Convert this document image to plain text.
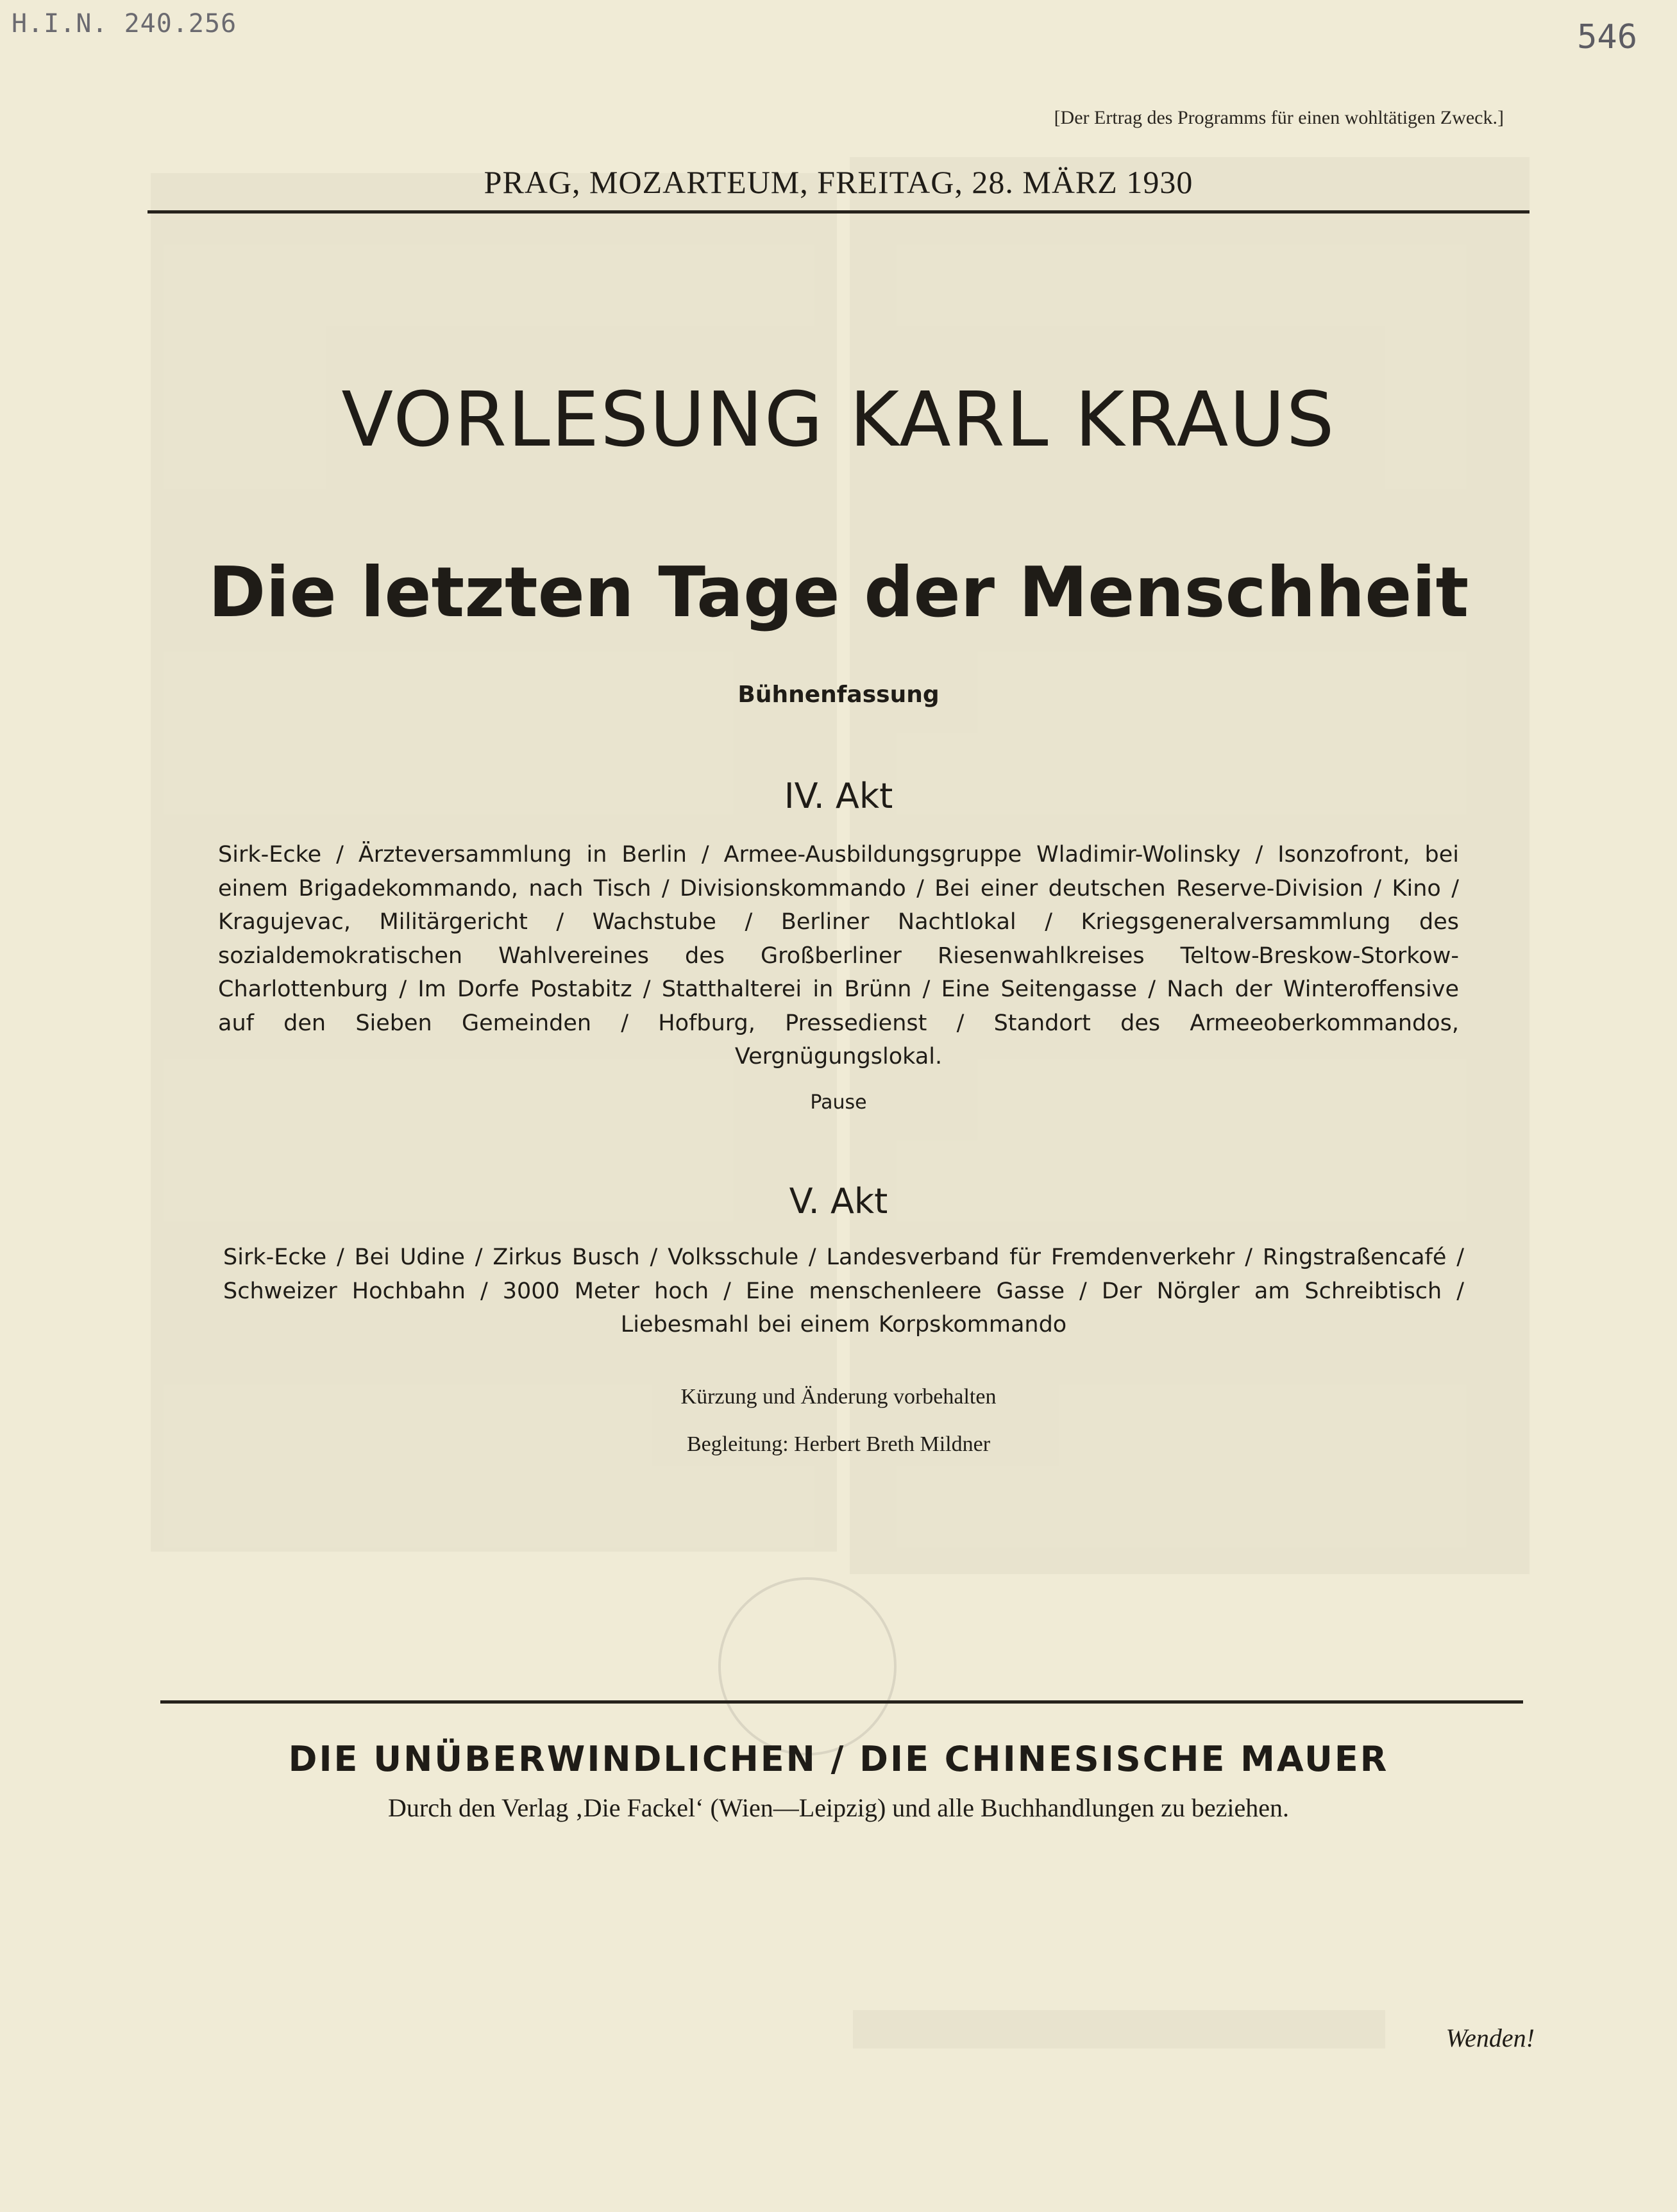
H.I.N. 240.256	546
[Der Ertrag des Programms für einen wohltätigen Zweck.]
PRAG, MOZARTEUM, FREITAG, 28. MÄRZ 1930
VORLESUNG KARL KRAUS
Die letzten Tage der Menschheit
Bühnenfassung
IV. Akt
Sirk-Ecke / Ärzteversammlung in Berlin / Armee-Ausbildungsgruppe Wladimir-Wolinsky / Isonzofront, bei einem Brigadekommando, nach Tisch / Divisionskommando / Bei einer deutschen Reserve-Division / Kino / Kragujevac, Militärgericht / Wachstube / Berliner Nachtlokal / Kriegsgeneralversammlung des sozialdemokratischen Wahlvereines des Großberliner Riesenwahlkreises Teltow-Breskow-Storkow-Charlottenburg / Im Dorfe Postabitz / Statthalterei in Brünn / Eine Seitengasse / Nach der Winteroffensive auf den Sieben Gemeinden / Hofburg, Pressedienst / Standort des Armeeoberkommandos, Vergnügungslokal.
Pause
V. Akt
Sirk-Ecke / Bei Udine / Zirkus Busch / Volksschule / Landesverband für Fremdenverkehr / Ringstraßencafé / Schweizer Hochbahn / 3000 Meter hoch / Eine menschenleere Gasse / Der Nörgler am Schreibtisch / Liebesmahl bei einem Korpskommando
Kürzung und Änderung vorbehalten
Begleitung: Herbert Breth Mildner
DIE UNÜBERWINDLICHEN / DIE CHINESISCHE MAUER
Durch den Verlag ‚Die Fackel‘ (Wien—Leipzig) und alle Buchhandlungen zu beziehen.
Wenden!
